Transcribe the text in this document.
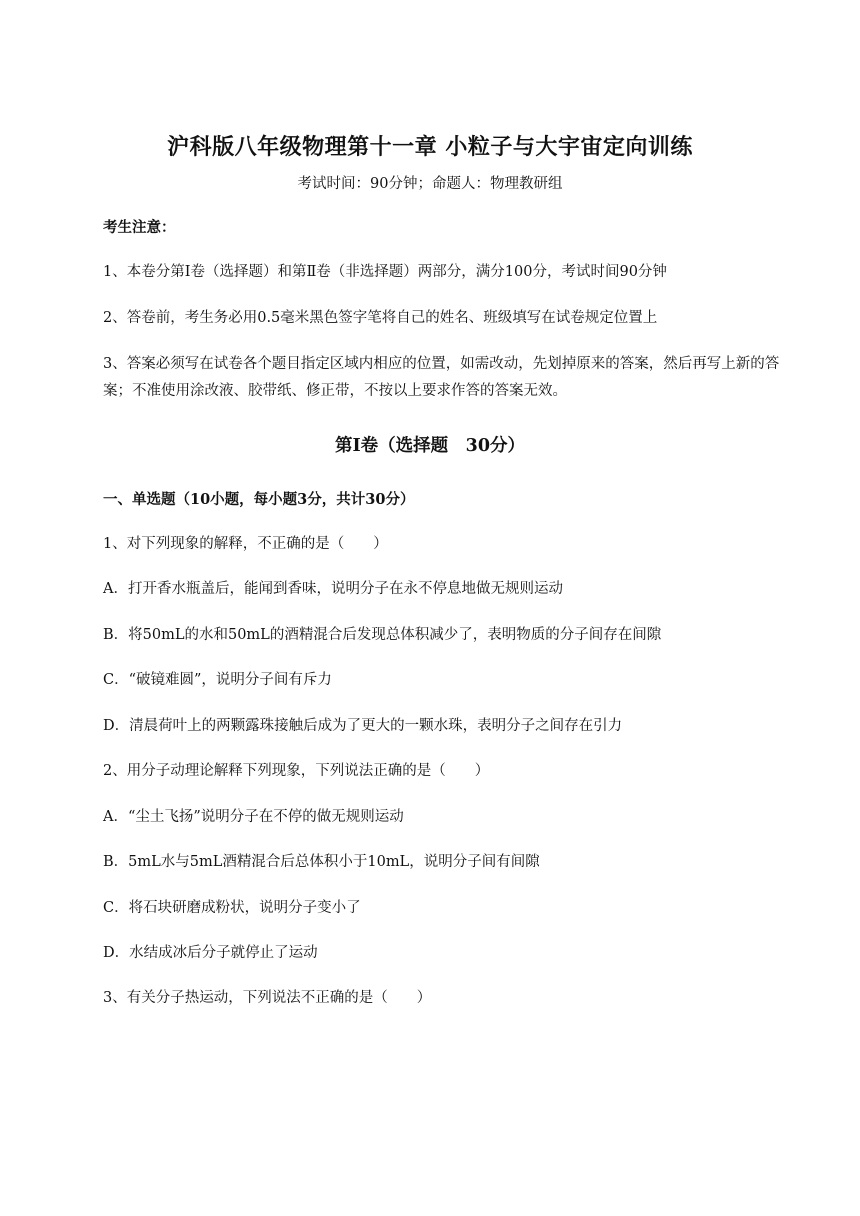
沪科版八年级物理第十一章 小粒子与大宇宙定向训练
考试时间：90分钟；命题人：物理教研组
考生注意：
1、本卷分第Ⅰ卷（选择题）和第Ⅱ卷（非选择题）两部分，满分100分，考试时间90分钟
2、答卷前，考生务必用0.5毫米黑色签字笔将自己的姓名、班级填写在试卷规定位置上
3、答案必须写在试卷各个题目指定区域内相应的位置，如需改动，先划掉原来的答案，然后再写上新的答案；不准使用涂改液、胶带纸、修正带，不按以上要求作答的答案无效。
第Ⅰ卷（选择题　30分）
一、单选题（10小题，每小题3分，共计30分）
1、对下列现象的解释，不正确的是（　　）
A．打开香水瓶盖后，能闻到香味，说明分子在永不停息地做无规则运动
B．将50mL的水和50mL的酒精混合后发现总体积减少了，表明物质的分子间存在间隙
C．“破镜难圆”，说明分子间有斥力
D．清晨荷叶上的两颗露珠接触后成为了更大的一颗水珠，表明分子之间存在引力
2、用分子动理论解释下列现象，下列说法正确的是（　　）
A．“尘土飞扬”说明分子在不停的做无规则运动
B．5mL水与5mL酒精混合后总体积小于10mL，说明分子间有间隙
C．将石块研磨成粉状，说明分子变小了
D．水结成冰后分子就停止了运动
3、有关分子热运动，下列说法不正确的是（　　）
